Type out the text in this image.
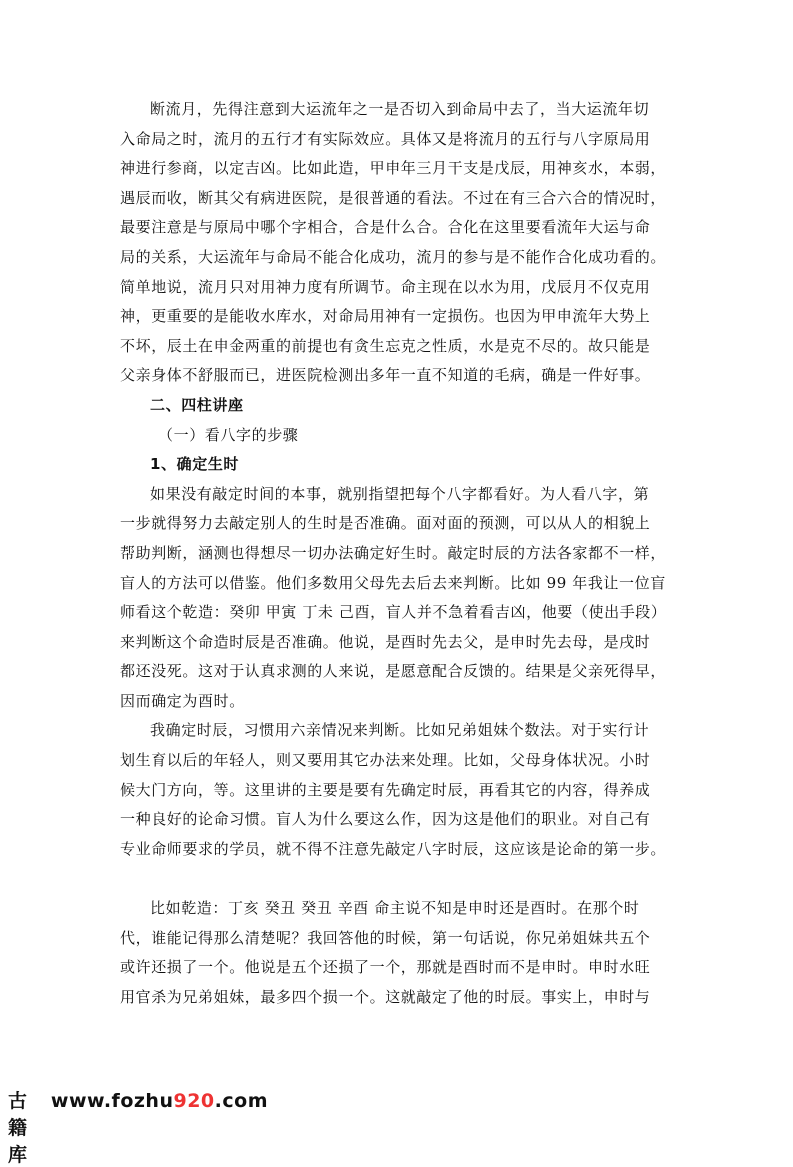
断流月，先得注意到大运流年之一是否切入到命局中去了，当大运流年切
入命局之时，流月的五行才有实际效应。具体又是将流月的五行与八字原局用
神进行参商，以定吉凶。比如此造，甲申年三月干支是戊辰，用神亥水，本弱，
遇辰而收，断其父有病进医院，是很普通的看法。不过在有三合六合的情况时，
最要注意是与原局中哪个字相合，合是什么合。合化在这里要看流年大运与命
局的关系，大运流年与命局不能合化成功，流月的参与是不能作合化成功看的。
简单地说，流月只对用神力度有所调节。命主现在以水为用，戊辰月不仅克用
神，更重要的是能收水库水，对命局用神有一定损伤。也因为甲申流年大势上
不坏，辰土在申金两重的前提也有贪生忘克之性质，水是克不尽的。故只能是
父亲身体不舒服而已，进医院检测出多年一直不知道的毛病，确是一件好事。
二、四柱讲座
（一）看八字的步骤
1、确定生时
如果没有敲定时间的本事，就别指望把每个八字都看好。为人看八字，第
一步就得努力去敲定别人的生时是否准确。面对面的预测，可以从人的相貌上
帮助判断，涵测也得想尽一切办法确定好生时。敲定时辰的方法各家都不一样，
盲人的方法可以借鉴。他们多数用父母先去后去来判断。比如 99 年我让一位盲
师看这个乾造：癸卯 甲寅 丁未 己酉，盲人并不急着看吉凶，他要（使出手段）
来判断这个命造时辰是否准确。他说，是酉时先去父，是申时先去母，是戌时
都还没死。这对于认真求测的人来说，是愿意配合反馈的。结果是父亲死得早，
因而确定为酉时。
我确定时辰，习惯用六亲情况来判断。比如兄弟姐妹个数法。对于实行计
划生育以后的年轻人，则又要用其它办法来处理。比如，父母身体状况。小时
候大门方向，等。这里讲的主要是要有先确定时辰，再看其它的内容，得养成
一种良好的论命习惯。盲人为什么要这么作，因为这是他们的职业。对自己有
专业命师要求的学员，就不得不注意先敲定八字时辰，这应该是论命的第一步。
比如乾造：丁亥 癸丑 癸丑 辛酉 命主说不知是申时还是酉时。在那个时
代，谁能记得那么清楚呢？我回答他的时候，第一句话说，你兄弟姐妹共五个
或许还损了一个。他说是五个还损了一个，那就是酉时而不是申时。申时水旺
用官杀为兄弟姐妹，最多四个损一个。这就敲定了他的时辰。事实上，申时与
古籍库
www.fozhu920.com
